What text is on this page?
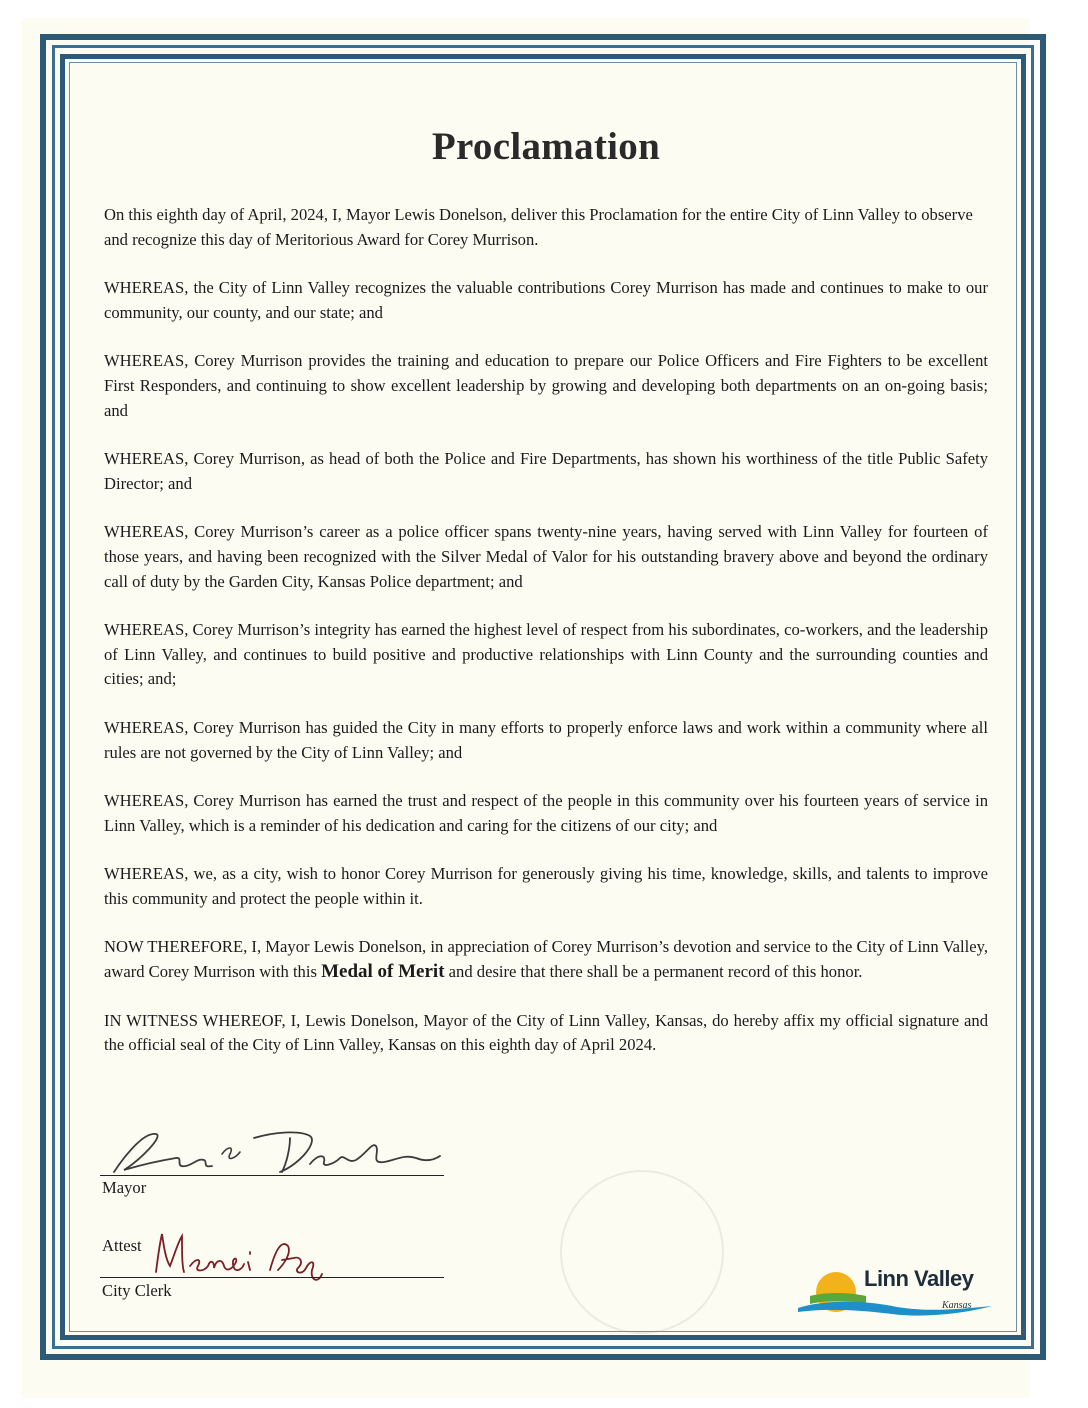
Proclamation

On this eighth day of April, 2024, I, Mayor Lewis Donelson, deliver this Proclamation for the entire City of Linn Valley to observe and recognize this day of Meritorious Award for Corey Murrison.

WHEREAS, the City of Linn Valley recognizes the valuable contributions Corey Murrison has made and continues to make to our community, our county, and our state; and

WHEREAS, Corey Murrison provides the training and education to prepare our Police Officers and Fire Fighters to be excellent First Responders, and continuing to show excellent leadership by growing and developing both departments on an on-going basis; and

WHEREAS, Corey Murrison, as head of both the Police and Fire Departments, has shown his worthiness of the title Public Safety Director; and

WHEREAS, Corey Murrison’s career as a police officer spans twenty-nine years, having served with Linn Valley for fourteen of those years, and having been recognized with the Silver Medal of Valor for his outstanding bravery above and beyond the ordinary call of duty by the Garden City, Kansas Police department; and

WHEREAS, Corey Murrison’s integrity has earned the highest level of respect from his subordinates, co-workers, and the leadership of Linn Valley, and continues to build positive and productive relationships with Linn County and the surrounding counties and cities; and;

WHEREAS, Corey Murrison has guided the City in many efforts to properly enforce laws and work within a community where all rules are not governed by the City of Linn Valley; and

WHEREAS, Corey Murrison has earned the trust and respect of the people in this community over his fourteen years of service in Linn Valley, which is a reminder of his dedication and caring for the citizens of our city; and

WHEREAS, we, as a city, wish to honor Corey Murrison for generously giving his time, knowledge, skills, and talents to improve this community and protect the people within it.

NOW THEREFORE, I, Mayor Lewis Donelson, in appreciation of Corey Murrison’s devotion and service to the City of Linn Valley, award Corey Murrison with this Medal of Merit and desire that there shall be a permanent record of this honor.

IN WITNESS WHEREOF, I, Lewis Donelson, Mayor of the City of Linn Valley, Kansas, do hereby affix my official signature and the official seal of the City of Linn Valley, Kansas on this eighth day of April 2024.

Mayor
Attest
City Clerk	Linn Valley
Kansas
